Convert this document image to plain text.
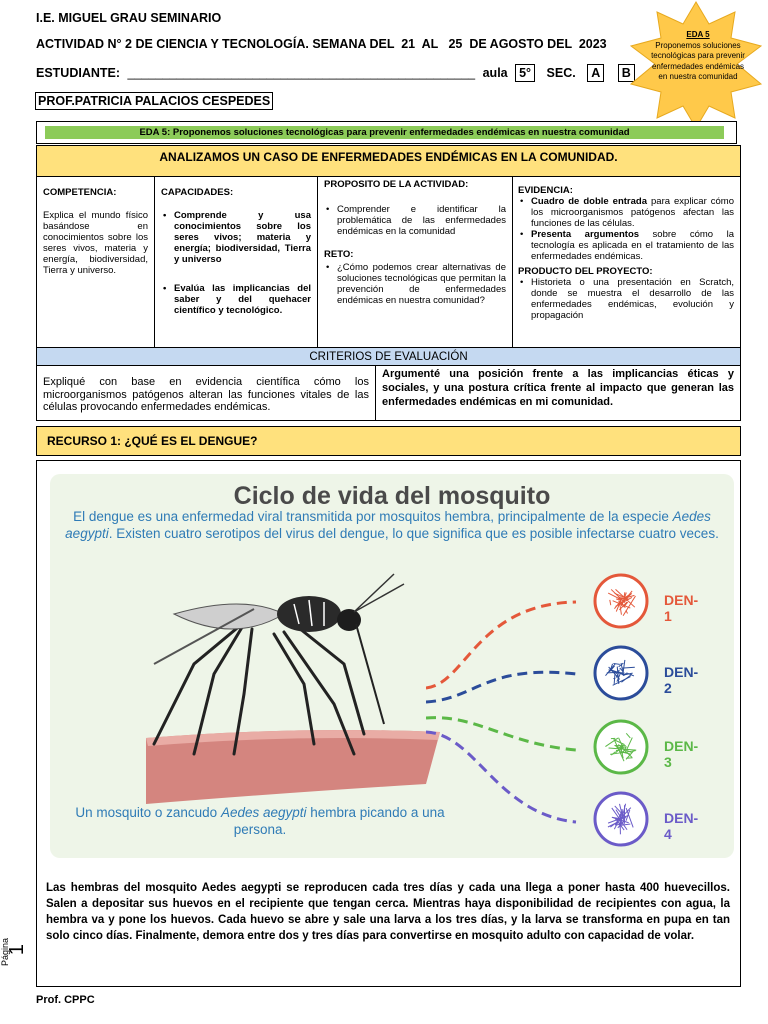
I.E. MIGUEL GRAU SEMINARIO
ACTIVIDAD N° 2 DE CIENCIA Y TECNOLOGÍA. SEMANA DEL  21  AL   25  DE AGOSTO DEL  2023
ESTUDIANTE: __________________________________________________ aula 5° SEC. A B
PROF.PATRICIA PALACIOS CESPEDES
EDA 5
Proponemos soluciones tecnológicas para prevenir enfermedades endémicas en nuestra comunidad
EDA 5: Proponemos soluciones tecnológicas para prevenir enfermedades endémicas en nuestra comunidad
ANALIZAMOS UN CASO DE ENFERMEDADES ENDÉMICAS EN LA COMUNIDAD.
COMPETENCIA:
Explica el mundo físico basándose en conocimientos sobre los seres vivos, materia y energía, biodiversidad, Tierra y universo.
CAPACIDADES:
• Comprende y usa conocimientos sobre los seres vivos; materia y energía; biodiversidad, Tierra y universo
• Evalúa las implicancias del saber y del quehacer científico y tecnológico.
PROPOSITO DE LA ACTIVIDAD:
• Comprender e identificar la problemática de las enfermedades endémicas en la comunidad
RETO:
• ¿Cómo podemos crear alternativas de soluciones tecnológicas que permitan la prevención de enfermedades endémicas en nuestra comunidad?
EVIDENCIA:
• Cuadro de doble entrada para explicar cómo los microorganismos patógenos afectan las funciones de las células.
• Presenta argumentos sobre cómo la tecnología es aplicada en el tratamiento de las enfermedades endémicas.
PRODUCTO DEL PROYECTO:
• Historieta o una presentación en Scratch, donde se muestra el desarrollo de las enfermedades endémicas, evolución y propagación
CRITERIOS DE EVALUACIÓN
Expliqué con base en evidencia científica cómo los microorganismos patógenos alteran las funciones vitales de las células provocando enfermedades endémicas.
Argumenté una posición frente a las implicancias éticas y sociales, y una postura crítica frente al impacto que generan las enfermedades endémicas en mi comunidad.
RECURSO 1: ¿QUÉ ES EL DENGUE?
Ciclo de vida del mosquito
El dengue es una enfermedad viral transmitida por mosquitos hembra, principalmente de la especie Aedes aegypti. Existen cuatro serotipos del virus del dengue, lo que significa que es posible infectarse cuatro veces.
DEN-1
DEN-2
DEN-3
DEN-4
Un mosquito o zancudo Aedes aegypti hembra picando a una persona.
Las hembras del mosquito Aedes aegypti se reproducen cada tres días y cada una llega a poner hasta 400 huevecillos. Salen a depositar sus huevos en el recipiente que tengan cerca. Mientras haya disponibilidad de recipientes con agua, la hembra va y pone los huevos. Cada huevo se abre y sale una larva a los tres días, y la larva se transforma en pupa en tan solo cinco días. Finalmente, demora entre dos y tres días para convertirse en mosquito adulto con capacidad de volar.
Página
1
Prof. CPPC
